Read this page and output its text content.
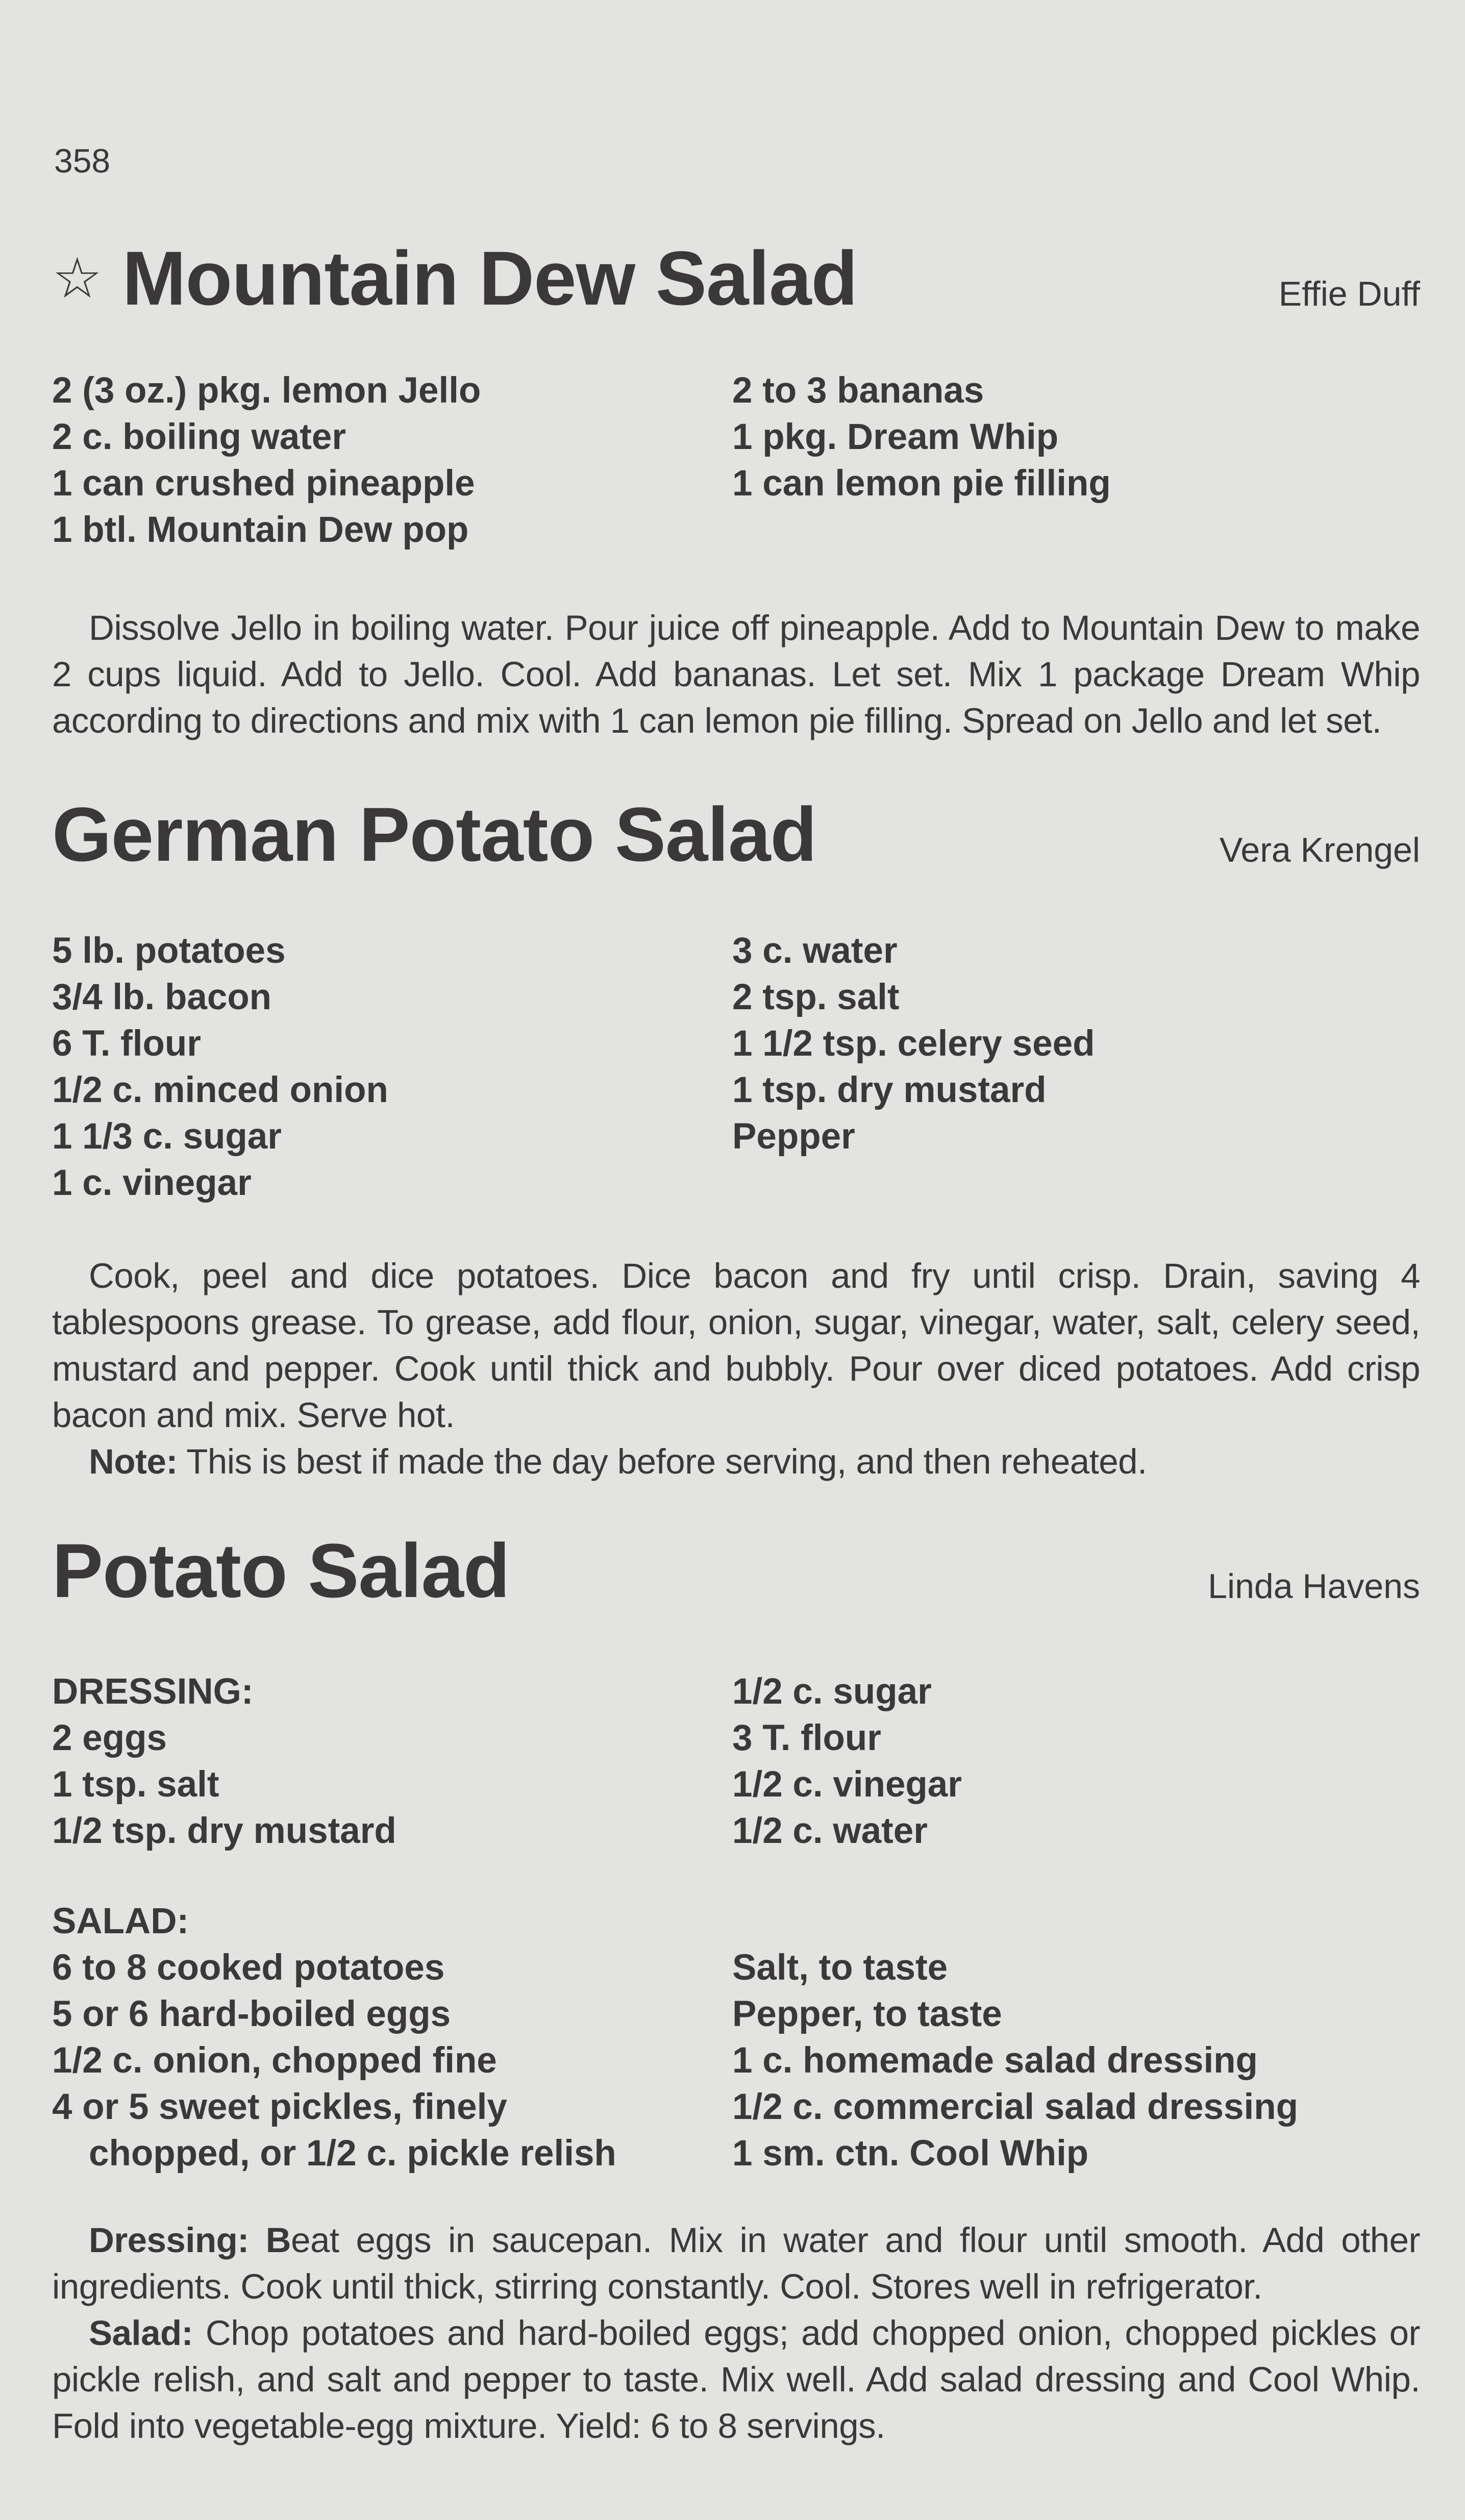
358
☆ Mountain Dew Salad	Effie Duff
2 (3 oz.) pkg. lemon Jello
2 c. boiling water
1 can crushed pineapple
1 btl. Mountain Dew pop
2 to 3 bananas
1 pkg. Dream Whip
1 can lemon pie filling

Dissolve Jello in boiling water. Pour juice off pineapple. Add to Mountain Dew to make 2 cups liquid. Add to Jello. Cool. Add bananas. Let set. Mix 1 package Dream Whip according to directions and mix with 1 can lemon pie filling. Spread on Jello and let set.

German Potato Salad	Vera Krengel
5 lb. potatoes
3/4 lb. bacon
6 T. flour
1/2 c. minced onion
1 1/3 c. sugar
1 c. vinegar
3 c. water
2 tsp. salt
1 1/2 tsp. celery seed
1 tsp. dry mustard
Pepper

Cook, peel and dice potatoes. Dice bacon and fry until crisp. Drain, saving 4 tablespoons grease. To grease, add flour, onion, sugar, vinegar, water, salt, celery seed, mustard and pepper. Cook until thick and bubbly. Pour over diced potatoes. Add crisp bacon and mix. Serve hot.

Note: This is best if made the day before serving, and then reheated.

Potato Salad	Linda Havens
DRESSING:
2 eggs
1 tsp. salt
1/2 tsp. dry mustard
1/2 c. sugar
3 T. flour
1/2 c. vinegar
1/2 c. water
SALAD:
6 to 8 cooked potatoes
5 or 6 hard-boiled eggs
1/2 c. onion, chopped fine
4 or 5 sweet pickles, finely
chopped, or 1/2 c. pickle relish
Salt, to taste
Pepper, to taste
1 c. homemade salad dressing
1/2 c. commercial salad dressing
1 sm. ctn. Cool Whip

Dressing: Beat eggs in saucepan. Mix in water and flour until smooth. Add other ingredients. Cook until thick, stirring constantly. Cool. Stores well in refrigerator.

Salad: Chop potatoes and hard-boiled eggs; add chopped onion, chopped pickles or pickle relish, and salt and pepper to taste. Mix well. Add salad dressing and Cool Whip. Fold into vegetable-egg mixture. Yield: 6 to 8 servings.
